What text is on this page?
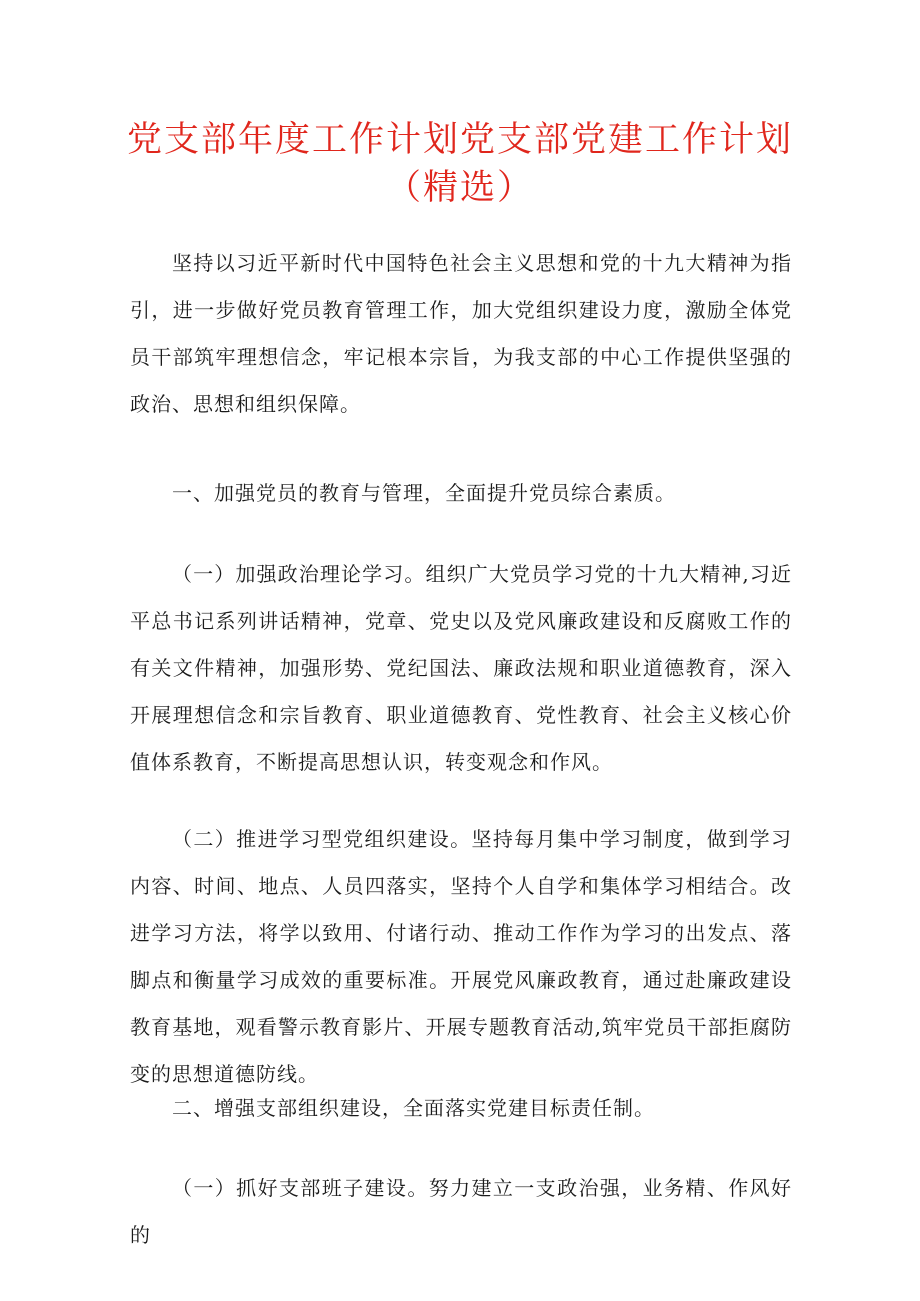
党支部年度工作计划党支部党建工作计划
（精选）

坚持以习近平新时代中国特色社会主义思想和党的十九大精神为指引，进一步做好党员教育管理工作，加大党组织建设力度，激励全体党员干部筑牢理想信念，牢记根本宗旨，为我支部的中心工作提供坚强的政治、思想和组织保障。

一、加强党员的教育与管理，全面提升党员综合素质。

（一）加强政治理论学习。组织广大党员学习党的十九大精神,习近平总书记系列讲话精神，党章、党史以及党风廉政建设和反腐败工作的有关文件精神，加强形势、党纪国法、廉政法规和职业道德教育，深入开展理想信念和宗旨教育、职业道德教育、党性教育、社会主义核心价值体系教育，不断提高思想认识，转变观念和作风。

（二）推进学习型党组织建设。坚持每月集中学习制度，做到学习内容、时间、地点、人员四落实，坚持个人自学和集体学习相结合。改进学习方法，将学以致用、付诸行动、推动工作作为学习的出发点、落脚点和衡量学习成效的重要标准。开展党风廉政教育，通过赴廉政建设教育基地，观看警示教育影片、开展专题教育活动,筑牢党员干部拒腐防变的思想道德防线。

二、增强支部组织建设，全面落实党建目标责任制。

（一）抓好支部班子建设。努力建立一支政治强，业务精、作风好的
